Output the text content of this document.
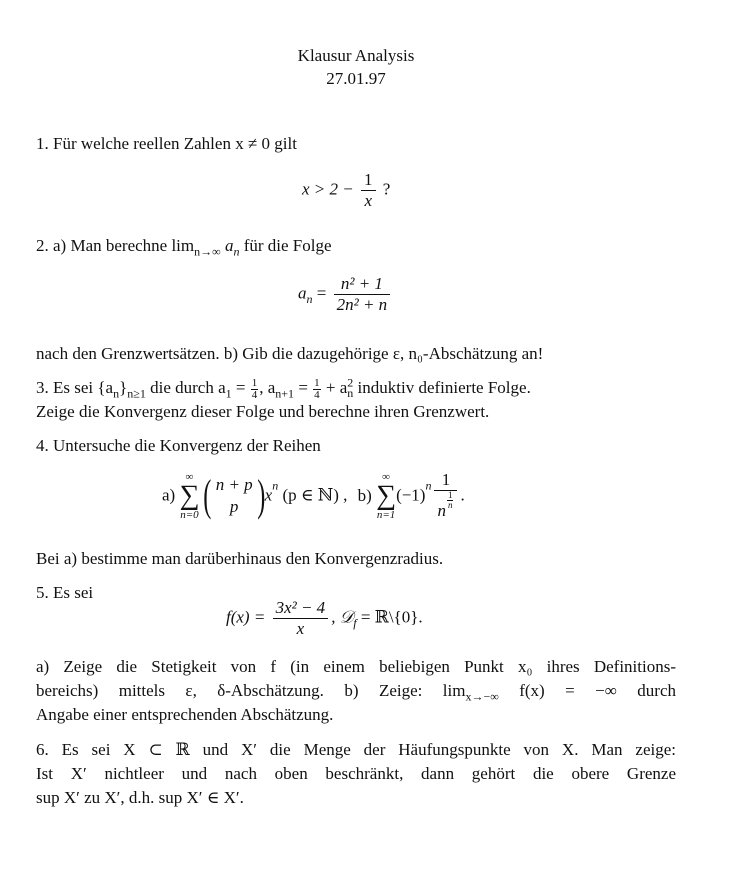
Klausur Analysis
27.01.97
1. Für welche reellen Zahlen x ≠ 0 gilt
$x > 2 - \frac{1}{x}$ ?
2. a) Man berechne $\lim_{n\to\infty} a_n$ für die Folge
$a_n = \frac{\text{n² + 1}}{\text{2n² + n}}$
nach den Grenzwertsätzen. b) Gib die dazugehörige ε, n₀-Abschätzung an!
3. Es sei $\{a_n\}_{n\ge 1}$ die durch $a_1 = \frac{1}{4}$ , $a_{n+1} = \frac{1}{4} + a^2_n$ induktiv definierte Folge.
Zeige die Konvergenz dieser Folge und berechne ihren Grenzwert.
4. Untersuche die Konvergenz der Reihen
a)
∞
∑
n=0
( n + p
p ) $x^n$ (p ∈ ℕ) , b)
∞
∑
n=1
$(-1)^n$ 1
n
$\frac{1}{n}$ .
Bei a) bestimme man darüberhinaus den Konvergenzradius.
5. Es sei
$f(x) = \frac{\text{3x² − 4}}{x}$ , 𝒟$_f$ = ℝ\{0}.
a) Zeige die Stetigkeit von f (in einem beliebigen Punkt x₀ ihres Definitions-
bereichs) mittels ε, δ-Abschätzung. b) Zeige: $\lim_{x\to-\infty} f(x)$ = −∞ durch
Angabe einer entsprechenden Abschätzung.
6. Es sei X ⊂ ℝ und X′ die Menge der Häufungspunkte von X. Man zeige:
Ist X′ nichtleer und nach oben beschränkt, dann gehört die obere Grenze
sup X′ zu X′, d.h. sup X′ ∈ X′.
